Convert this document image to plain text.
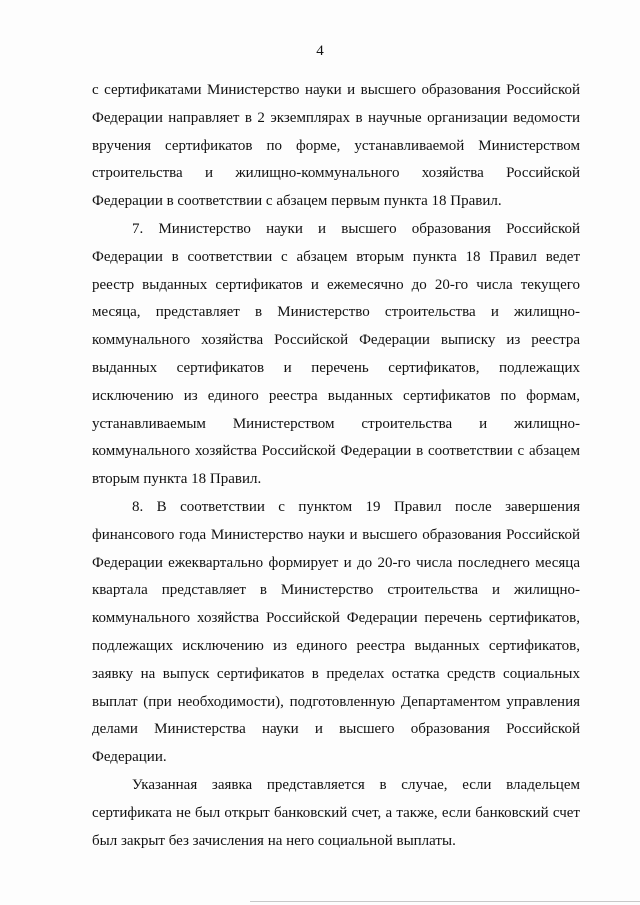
4

с сертификатами Министерство науки и высшего образования Российской Федерации направляет в 2 экземплярах в научные организации ведомости вручения сертификатов по форме, устанавливаемой Министерством строительства и жилищно-коммунального хозяйства Российской Федерации в соответствии с абзацем первым пункта 18 Правил.

7. Министерство науки и высшего образования Российской Федерации в соответствии с абзацем вторым пункта 18 Правил ведет реестр выданных сертификатов и ежемесячно до 20-го числа текущего месяца, представляет в Министерство строительства и жилищно-коммунального хозяйства Российской Федерации выписку из реестра выданных сертификатов и перечень сертификатов, подлежащих исключению из единого реестра выданных сертификатов по формам, устанавливаемым Министерством строительства и жилищно-коммунального хозяйства Российской Федерации в соответствии с абзацем вторым пункта 18 Правил.

8. В соответствии с пунктом 19 Правил после завершения финансового года Министерство науки и высшего образования Российской Федерации ежеквартально формирует и до 20-го числа последнего месяца квартала представляет в Министерство строительства и жилищно-коммунального хозяйства Российской Федерации перечень сертификатов, подлежащих исключению из единого реестра выданных сертификатов, заявку на выпуск сертификатов в пределах остатка средств социальных выплат (при необходимости), подготовленную Департаментом управления делами Министерства науки и высшего образования Российской Федерации.

Указанная заявка представляется в случае, если владельцем сертификата не был открыт банковский счет, а также, если банковский счет был закрыт без зачисления на него социальной выплаты.
